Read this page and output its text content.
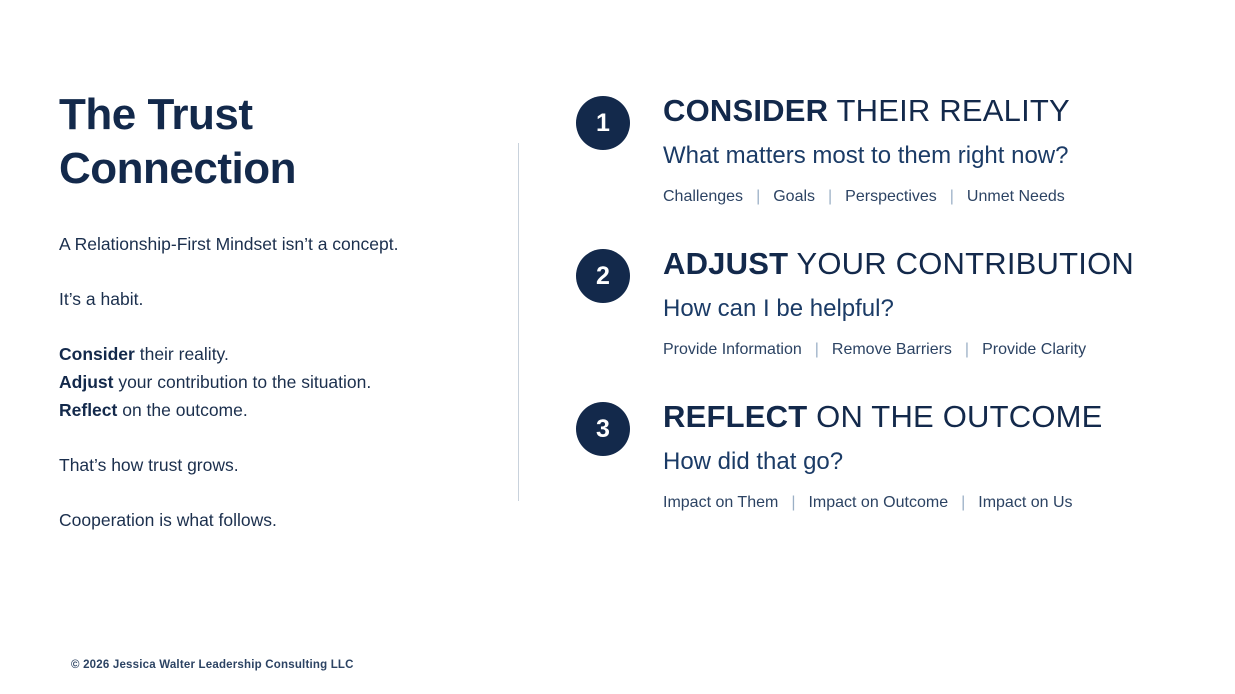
The Trust
Connection

A Relationship-First Mindset isn’t a concept.

It’s a habit.

Consider their reality.
Adjust your contribution to the situation.
Reflect on the outcome.

That’s how trust grows.

Cooperation is what follows.

1	CONSIDER THEIR REALITY
What matters most to them right now?
Challenges | Goals | Perspectives | Unmet Needs
2	ADJUST YOUR CONTRIBUTION
How can I be helpful?
Provide Information | Remove Barriers | Provide Clarity
3	REFLECT ON THE OUTCOME
How did that go?
Impact on Them | Impact on Outcome | Impact on Us
© 2026 Jessica Walter Leadership Consulting LLC
